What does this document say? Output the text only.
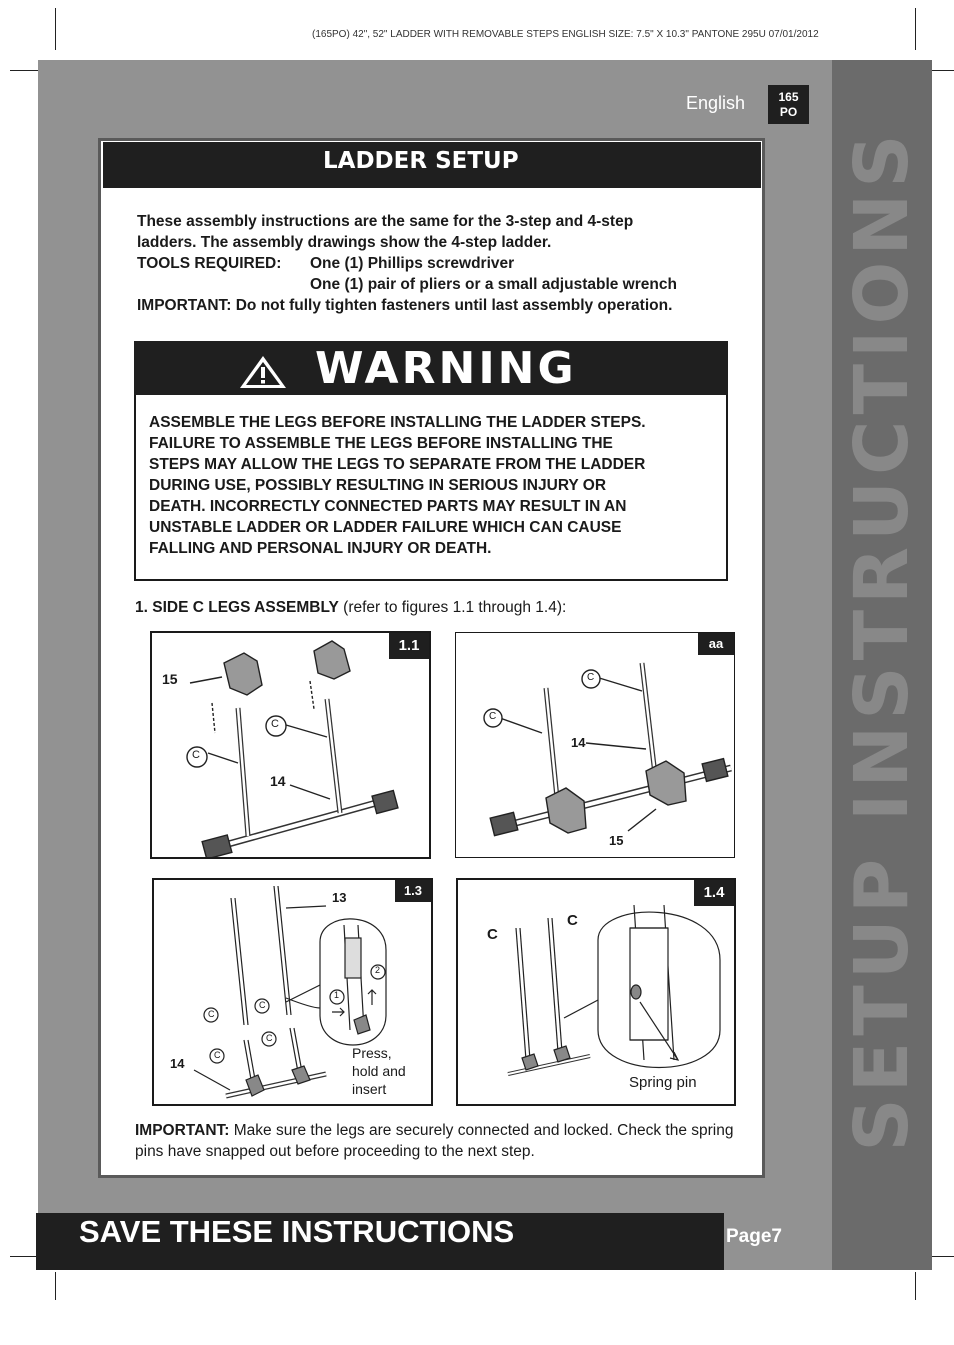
(165PO) 42", 52" LADDER WITH REMOVABLE STEPS ENGLISH SIZE: 7.5" X 10.3" PANTONE 295U 07/01/2012
SETUP INSTRUCTIONS
English	165
PO
LADDER SETUP
These assembly instructions are the same for the 3-step and 4-step
ladders. The assembly drawings show the 4-step ladder.
TOOLS REQUIRED: One (1) Phillips screwdriver
One (1) pair of pliers or a small adjustable wrench
IMPORTANT: Do not fully tighten fasteners until last assembly operation.
WARNING
ASSEMBLE THE LEGS BEFORE INSTALLING THE LADDER STEPS.
FAILURE TO ASSEMBLE THE LEGS BEFORE INSTALLING THE
STEPS MAY ALLOW THE LEGS TO SEPARATE FROM THE LADDER
DURING USE, POSSIBLY RESULTING IN SERIOUS INJURY OR
DEATH. INCORRECTLY CONNECTED PARTS MAY RESULT IN AN
UNSTABLE LADDER OR LADDER FAILURE WHICH CAN CAUSE
FALLING AND PERSONAL INJURY OR DEATH.
1. SIDE C LEGS ASSEMBLY (refer to figures 1.1 through 1.4):
1.1
15
14
C
C
aa
14
15
C
C
1.3
13
14
1
2
C
C
C
C	Press,
hold and
insert
1.4
C
C
Spring pin
IMPORTANT: Make sure the legs are securely connected and locked. Check the spring pins have snapped out before proceeding to the next step.
SAVE THESE INSTRUCTIONS	Page7
